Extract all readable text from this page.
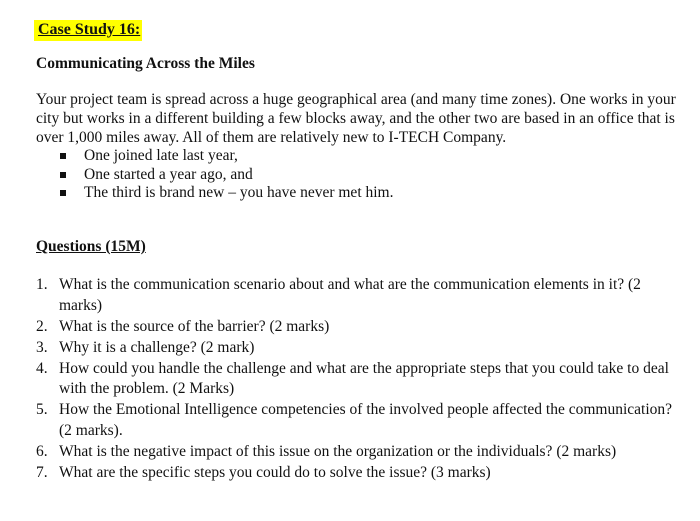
Case Study 16:
Communicating Across the Miles

Your project team is spread across a huge geographical area (and many time zones). One works in your city but works in a different building a few blocks away, and the other two are based in an office that is over 1,000 miles away. All of them are relatively new to I-TECH Company.

One joined late last year,
One started a year ago, and
The third is brand new – you have never met him.
Questions (15M)
1. What is the communication scenario about and what are the communication elements in it? (2 marks)
2. What is the source of the barrier? (2 marks)
3. Why it is a challenge? (2 mark)
4. How could you handle the challenge and what are the appropriate steps that you could take to deal with the problem. (2 Marks)
5. How the Emotional Intelligence competencies of the involved people affected the communication? (2 marks).
6. What is the negative impact of this issue on the organization or the individuals? (2 marks)
7. What are the specific steps you could do to solve the issue? (3 marks)
